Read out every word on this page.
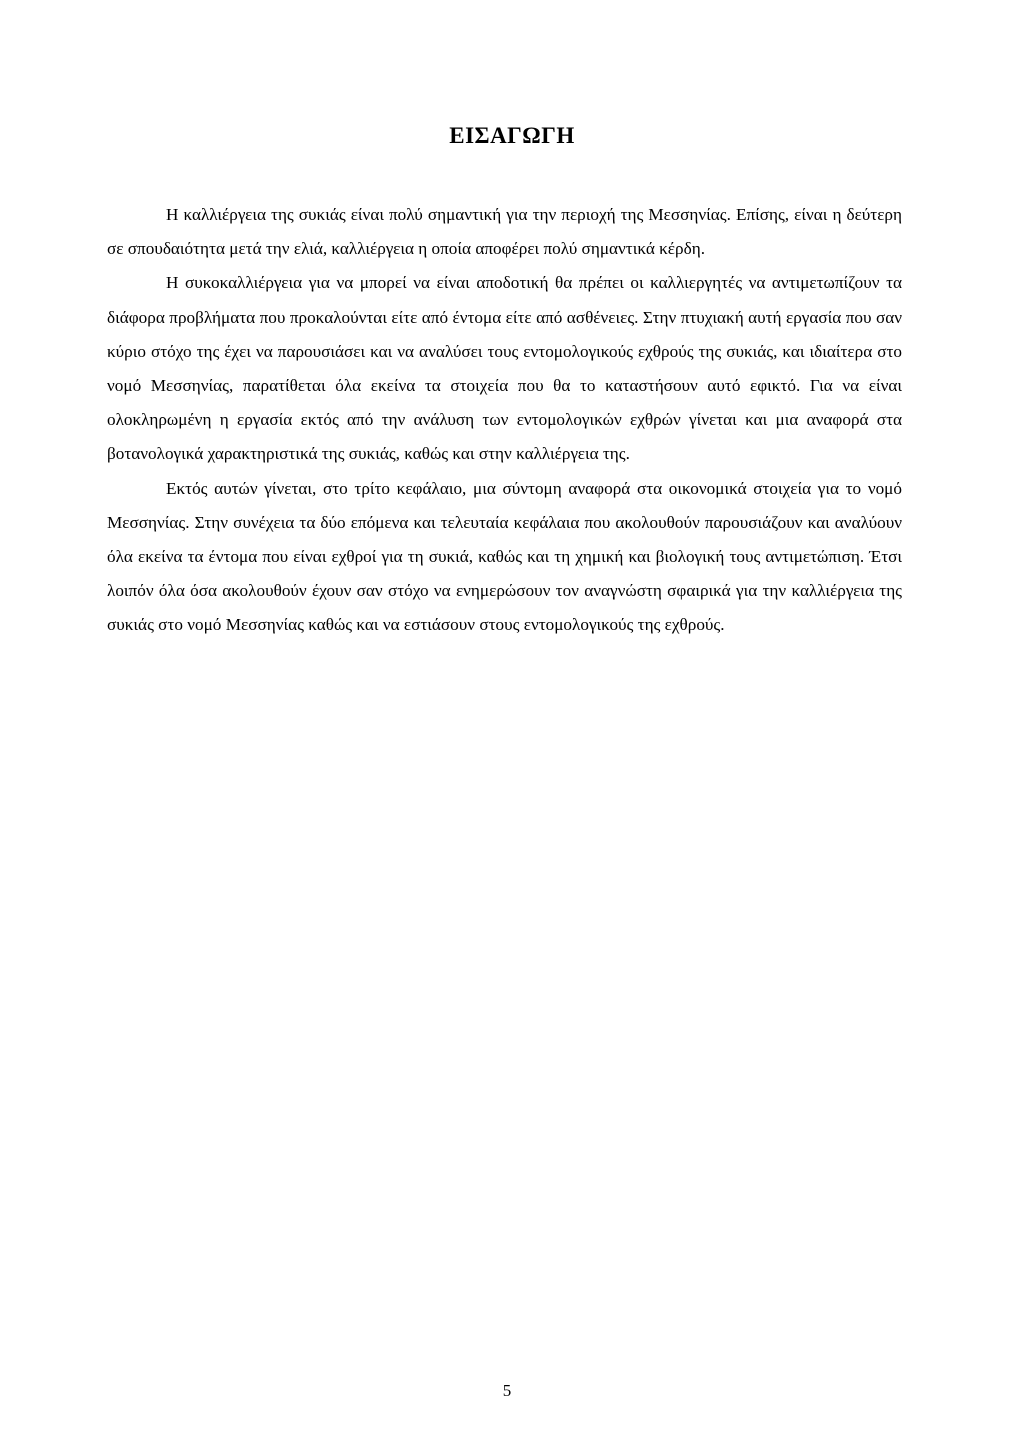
ΕΙΣΑΓΩΓΗ

Η καλλιέργεια της συκιάς είναι πολύ σημαντική για την περιοχή της Μεσσηνίας. Επίσης, είναι η δεύτερη σε σπουδαιότητα μετά την ελιά, καλλιέργεια η οποία αποφέρει πολύ σημαντικά κέρδη.

Η συκοκαλλιέργεια για να μπορεί να είναι αποδοτική θα πρέπει οι καλλιεργητές να αντιμετωπίζουν τα διάφορα προβλήματα που προκαλούνται είτε από έντομα είτε από ασθένειες. Στην πτυχιακή αυτή εργασία που σαν κύριο στόχο της έχει να παρουσιάσει και να αναλύσει τους εντομολογικούς εχθρούς της συκιάς, και ιδιαίτερα στο νομό Μεσσηνίας, παρατίθεται όλα εκείνα τα στοιχεία που θα το καταστήσουν αυτό εφικτό. Για να είναι ολοκληρωμένη η εργασία εκτός από την ανάλυση των εντομολογικών εχθρών γίνεται και μια αναφορά στα βοτανολογικά χαρακτηριστικά της συκιάς, καθώς και στην καλλιέργεια της.

Εκτός αυτών γίνεται, στο τρίτο κεφάλαιο, μια σύντομη αναφορά στα οικονομικά στοιχεία για το νομό Μεσσηνίας. Στην συνέχεια τα δύο επόμενα και τελευταία κεφάλαια που ακολουθούν παρουσιάζουν και αναλύουν όλα εκείνα τα έντομα που είναι εχθροί για τη συκιά, καθώς και τη χημική και βιολογική τους αντιμετώπιση. Έτσι λοιπόν όλα όσα ακολουθούν έχουν σαν στόχο να ενημερώσουν τον αναγνώστη σφαιρικά για την καλλιέργεια της συκιάς στο νομό Μεσσηνίας καθώς και να εστιάσουν στους εντομολογικούς της εχθρούς.

5
